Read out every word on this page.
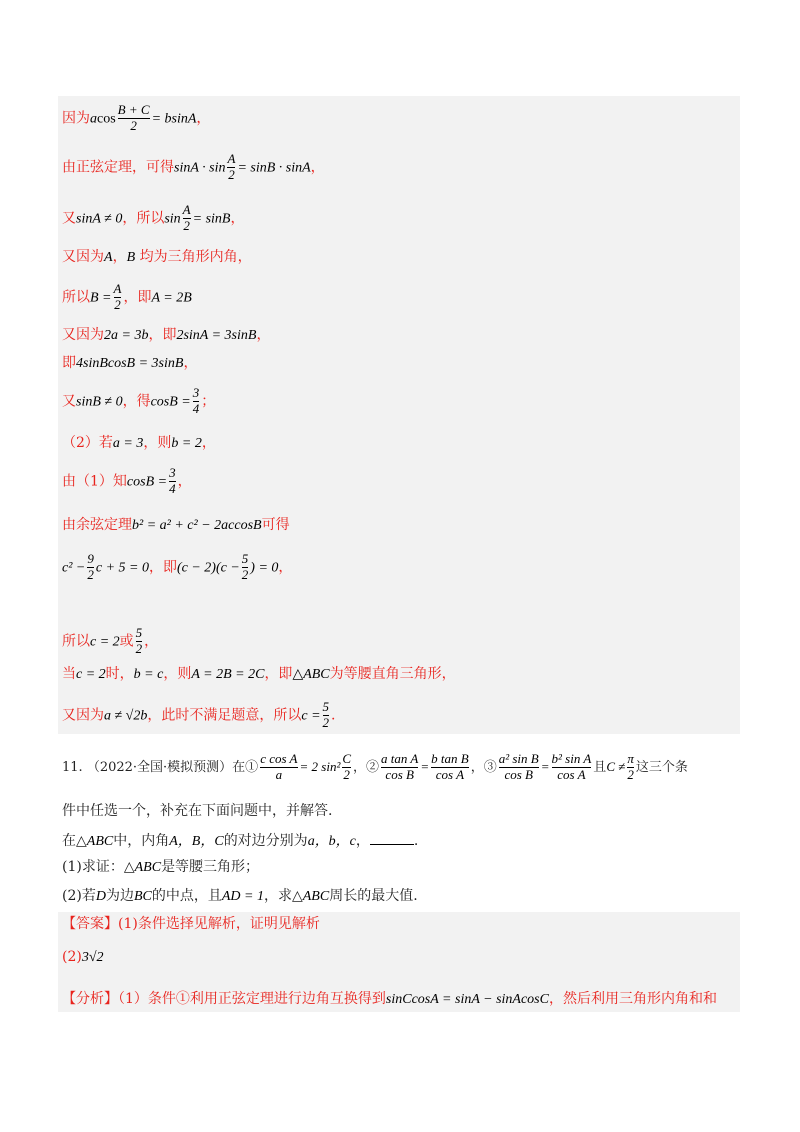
因为acos $\frac{B + C}{2} = bsinA$，
由正弦定理，可得$\sin A \cdot \sin \frac{A}{2} = \sin B \cdot \sin A$，
又sinA ≠ 0，所以$\sin \frac{A}{2} = \sin B$，
又因为A，B 均为三角形内角，
所以$B = \frac{A}{2}$ ，即A = 2B
又因为2a = 3b，即2sinA = 3sinB，
即4sinBcosB = 3sinB，
又sinB ≠ 0，得$\cos B = \frac{3}{4}$ ；
（2）若a = 3，则b = 2，
由（1）知$\cos B = \frac{3}{4}$ ，
由余弦定理b² = a² + c² − 2accosB可得
$c^2 - \frac{9}{2}$ c + 5 = 0，即$(c - 2)(c - \frac{5}{2}$ ) = 0，
所以c = 2或 $\frac{5}{2}$ ，
当c = 2时，b = c，则A = 2B = 2C，即△ABC为等腰直角三角形，
又因为a ≠ √2b，此时不满足题意，所以$c = \frac{5}{2}$ .
11. （2022·全国·模拟预测）在① $\frac{\text{c cos A}}{a} = 2$ $\sin^2 \frac{C}{2}$ ，② $\frac{\text{a tan A}}{\text{cos B}} = \frac{\text{b tan B}}{\text{cos A}}$ ，③ $\frac{\text{a² sin B}}{\text{cos B}} = \frac{\text{b² sin A}}{\text{cos A}}$ 且$C \ne \frac{\pi}{2}$ 这三个条
件中任选一个，补充在下面问题中，并解答.
在△ABC中，内角A，B，C的对边分别为a，b，c，	.
(1)求证：△ABC是等腰三角形；
(2)若D为边BC的中点，且AD = 1，求△ABC周长的最大值.
【答案】(1)条件选择见解析，证明见解析
(2)3√2
【分析】（1）条件①利用正弦定理进行边角互换得到sinCcosA = sinA − sinAcosC，然后利用三角形内角和和
